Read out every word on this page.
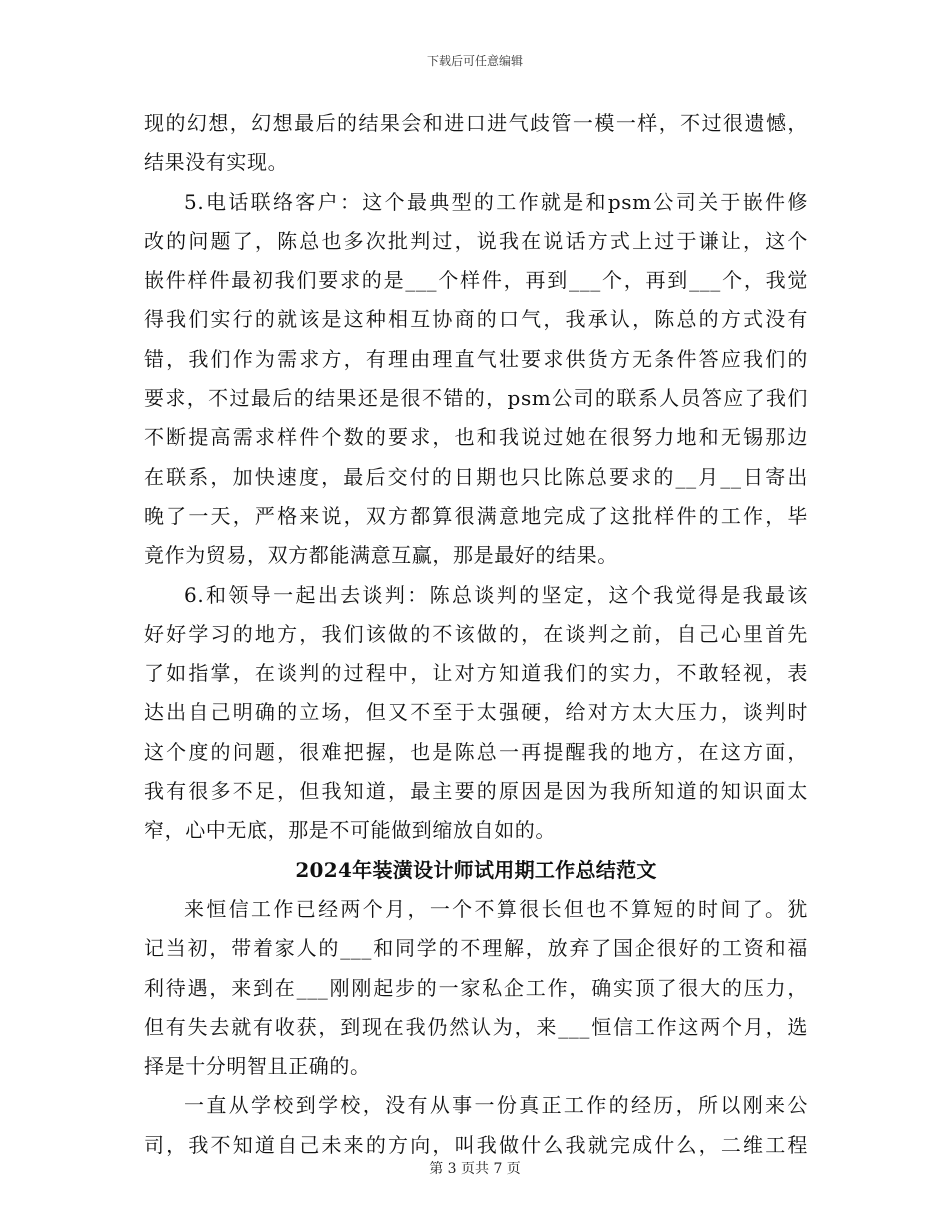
下载后可任意编辑
现的幻想，幻想最后的结果会和进口进气歧管一模一样，不过很遗憾，
结果没有实现。
5.电话联络客户：这个最典型的工作就是和psm公司关于嵌件修
改的问题了，陈总也多次批判过，说我在说话方式上过于谦让，这个
嵌件样件最初我们要求的是___个样件，再到___个，再到___个，我觉
得我们实行的就该是这种相互协商的口气，我承认，陈总的方式没有
错，我们作为需求方，有理由理直气壮要求供货方无条件答应我们的
要求，不过最后的结果还是很不错的，psm公司的联系人员答应了我们
不断提高需求样件个数的要求，也和我说过她在很努力地和无锡那边
在联系，加快速度，最后交付的日期也只比陈总要求的__月__日寄出
晚了一天，严格来说，双方都算很满意地完成了这批样件的工作，毕
竟作为贸易，双方都能满意互赢，那是最好的结果。
6.和领导一起出去谈判：陈总谈判的坚定，这个我觉得是我最该
好好学习的地方，我们该做的不该做的，在谈判之前，自己心里首先
了如指掌，在谈判的过程中，让对方知道我们的实力，不敢轻视，表
达出自己明确的立场，但又不至于太强硬，给对方太大压力，谈判时
这个度的问题，很难把握，也是陈总一再提醒我的地方，在这方面，
我有很多不足，但我知道，最主要的原因是因为我所知道的知识面太
窄，心中无底，那是不可能做到缩放自如的。
2024年装潢设计师试用期工作总结范文
来恒信工作已经两个月，一个不算很长但也不算短的时间了。犹
记当初，带着家人的___和同学的不理解，放弃了国企很好的工资和福
利待遇，来到在___刚刚起步的一家私企工作，确实顶了很大的压力，
但有失去就有收获，到现在我仍然认为，来___恒信工作这两个月，选
择是十分明智且正确的。
一直从学校到学校，没有从事一份真正工作的经历，所以刚来公
司，我不知道自己未来的方向，叫我做什么我就完成什么，二维工程
第 3 页共 7 页
